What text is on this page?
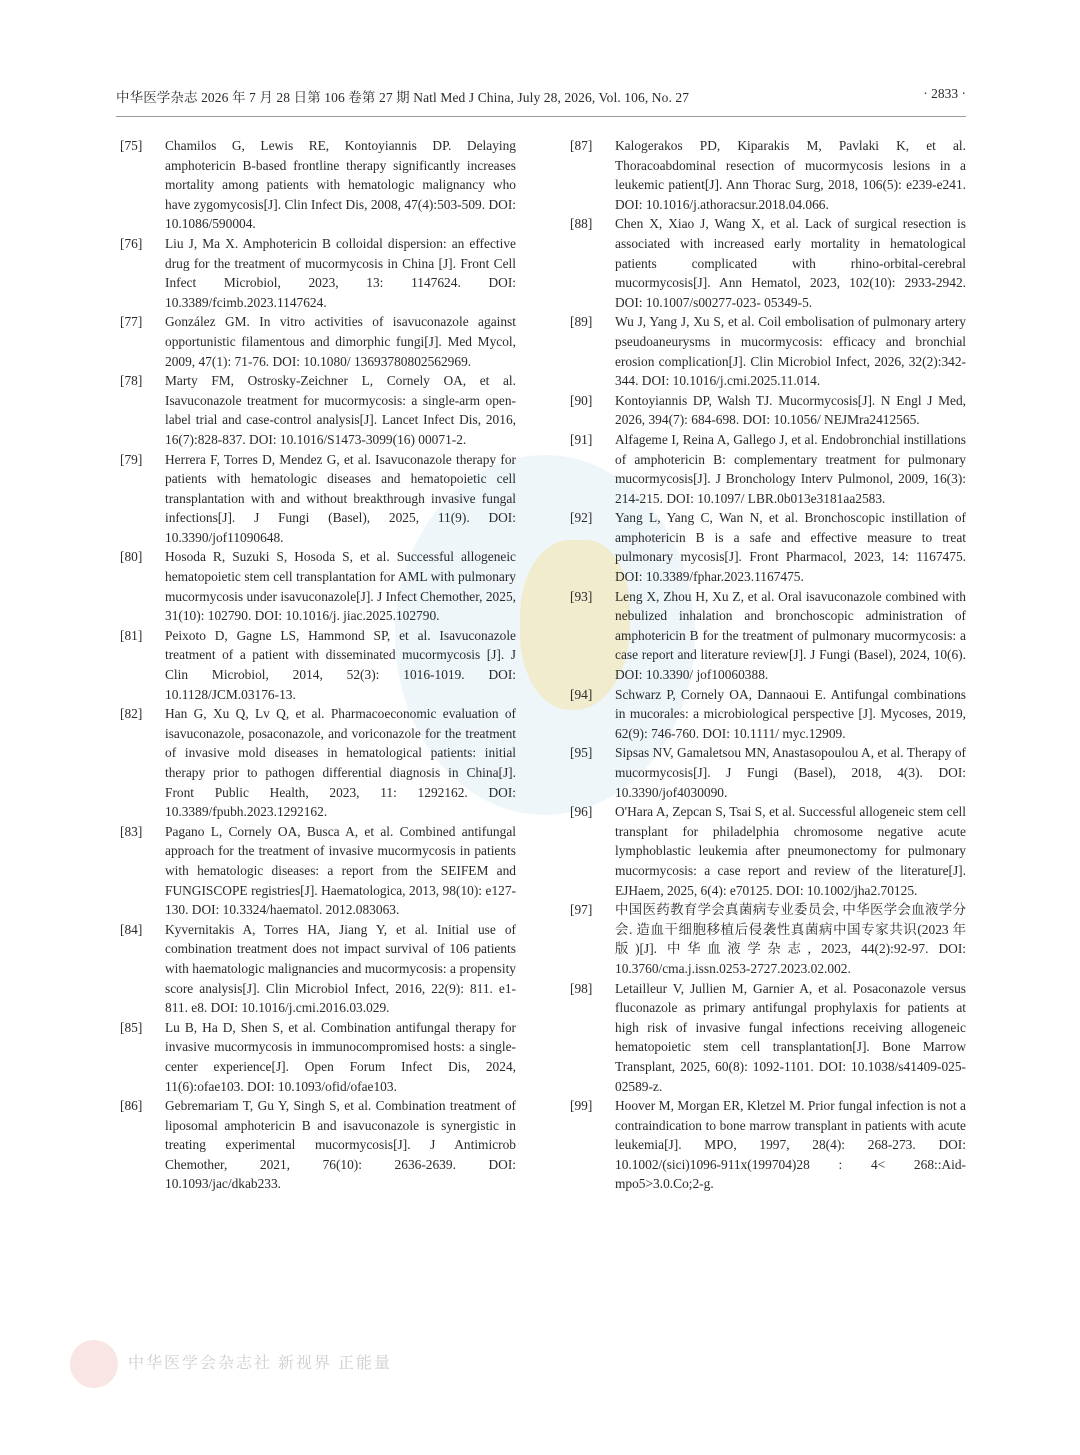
中华医学杂志 2026 年 7 月 28 日第 106 卷第 27 期 Natl Med J China, July 28, 2026, Vol. 106, No. 27	· 2833 ·

[75] Chamilos G, Lewis RE, Kontoyiannis DP. Delaying amphotericin B-based frontline therapy significantly increases mortality among patients with hematologic malignancy who have zygomycosis[J]. Clin Infect Dis, 2008, 47(4):503-509. DOI: 10.1086/590004.

[76] Liu J, Ma X. Amphotericin B colloidal dispersion: an effective drug for the treatment of mucormycosis in China [J]. Front Cell Infect Microbiol, 2023, 13: 1147624. DOI: 10.3389/fcimb.2023.1147624.

[77] González GM. In vitro activities of isavuconazole against opportunistic filamentous and dimorphic fungi[J]. Med Mycol, 2009, 47(1): 71-76. DOI: 10.1080/ 13693780802562969.

[78] Marty FM, Ostrosky-Zeichner L, Cornely OA, et al. Isavuconazole treatment for mucormycosis: a single-arm open-label trial and case-control analysis[J]. Lancet Infect Dis, 2016, 16(7):828-837. DOI: 10.1016/S1473-3099(16) 00071-2.

[79] Herrera F, Torres D, Mendez G, et al. Isavuconazole therapy for patients with hematologic diseases and hematopoietic cell transplantation with and without breakthrough invasive fungal infections[J]. J Fungi (Basel), 2025, 11(9). DOI: 10.3390/jof11090648.

[80] Hosoda R, Suzuki S, Hosoda S, et al. Successful allogeneic hematopoietic stem cell transplantation for AML with pulmonary mucormycosis under isavuconazole[J]. J Infect Chemother, 2025, 31(10): 102790. DOI: 10.1016/j. jiac.2025.102790.

[81] Peixoto D, Gagne LS, Hammond SP, et al. Isavuconazole treatment of a patient with disseminated mucormycosis [J]. J Clin Microbiol, 2014, 52(3): 1016-1019. DOI: 10.1128/JCM.03176-13.

[82] Han G, Xu Q, Lv Q, et al. Pharmacoeconomic evaluation of isavuconazole, posaconazole, and voriconazole for the treatment of invasive mold diseases in hematological patients: initial therapy prior to pathogen differential diagnosis in China[J]. Front Public Health, 2023, 11: 1292162. DOI: 10.3389/fpubh.2023.1292162.

[83] Pagano L, Cornely OA, Busca A, et al. Combined antifungal approach for the treatment of invasive mucormycosis in patients with hematologic diseases: a report from the SEIFEM and FUNGISCOPE registries[J]. Haematologica, 2013, 98(10): e127-130. DOI: 10.3324/haematol. 2012.083063.

[84] Kyvernitakis A, Torres HA, Jiang Y, et al. Initial use of combination treatment does not impact survival of 106 patients with haematologic malignancies and mucormycosis: a propensity score analysis[J]. Clin Microbiol Infect, 2016, 22(9): 811. e1-811. e8. DOI: 10.1016/j.cmi.2016.03.029.

[85] Lu B, Ha D, Shen S, et al. Combination antifungal therapy for invasive mucormycosis in immunocompromised hosts: a single-center experience[J]. Open Forum Infect Dis, 2024, 11(6):ofae103. DOI: 10.1093/ofid/ofae103.

[86] Gebremariam T, Gu Y, Singh S, et al. Combination treatment of liposomal amphotericin B and isavuconazole is synergistic in treating experimental mucormycosis[J]. J Antimicrob Chemother, 2021, 76(10): 2636-2639. DOI: 10.1093/jac/dkab233.

[87] Kalogerakos PD, Kiparakis M, Pavlaki K, et al. Thoracoabdominal resection of mucormycosis lesions in a leukemic patient[J]. Ann Thorac Surg, 2018, 106(5): e239-e241. DOI: 10.1016/j.athoracsur.2018.04.066.

[88] Chen X, Xiao J, Wang X, et al. Lack of surgical resection is associated with increased early mortality in hematological patients complicated with rhino-orbital-cerebral mucormycosis[J]. Ann Hematol, 2023, 102(10): 2933-2942. DOI: 10.1007/s00277-023- 05349-5.

[89] Wu J, Yang J, Xu S, et al. Coil embolisation of pulmonary artery pseudoaneurysms in mucormycosis: efficacy and bronchial erosion complication[J]. Clin Microbiol Infect, 2026, 32(2):342-344. DOI: 10.1016/j.cmi.2025.11.014.

[90] Kontoyiannis DP, Walsh TJ. Mucormycosis[J]. N Engl J Med, 2026, 394(7): 684-698. DOI: 10.1056/ NEJMra2412565.

[91] Alfageme I, Reina A, Gallego J, et al. Endobronchial instillations of amphotericin B: complementary treatment for pulmonary mucormycosis[J]. J Bronchology Interv Pulmonol, 2009, 16(3): 214-215. DOI: 10.1097/ LBR.0b013e3181aa2583.

[92] Yang L, Yang C, Wan N, et al. Bronchoscopic instillation of amphotericin B is a safe and effective measure to treat pulmonary mycosis[J]. Front Pharmacol, 2023, 14: 1167475. DOI: 10.3389/fphar.2023.1167475.

[93] Leng X, Zhou H, Xu Z, et al. Oral isavuconazole combined with nebulized inhalation and bronchoscopic administration of amphotericin B for the treatment of pulmonary mucormycosis: a case report and literature review[J]. J Fungi (Basel), 2024, 10(6). DOI: 10.3390/ jof10060388.

[94] Schwarz P, Cornely OA, Dannaoui E. Antifungal combinations in mucorales: a microbiological perspective [J]. Mycoses, 2019, 62(9): 746-760. DOI: 10.1111/ myc.12909.

[95] Sipsas NV, Gamaletsou MN, Anastasopoulou A, et al. Therapy of mucormycosis[J]. J Fungi (Basel), 2018, 4(3). DOI: 10.3390/jof4030090.

[96] O'Hara A, Zepcan S, Tsai S, et al. Successful allogeneic stem cell transplant for philadelphia chromosome negative acute lymphoblastic leukemia after pneumonectomy for pulmonary mucormycosis: a case report and review of the literature[J]. EJHaem, 2025, 6(4): e70125. DOI: 10.1002/jha2.70125.

[97] 中国医药教育学会真菌病专业委员会, 中华医学会血液学分会. 造血干细胞移植后侵袭性真菌病中国专家共识(2023 年版)[J]. 中华血液学杂志, 2023, 44(2):92-97. DOI: 10.3760/cma.j.issn.0253-2727.2023.02.002.

[98] Letailleur V, Jullien M, Garnier A, et al. Posaconazole versus fluconazole as primary antifungal prophylaxis for patients at high risk of invasive fungal infections receiving allogeneic hematopoietic stem cell transplantation[J]. Bone Marrow Transplant, 2025, 60(8): 1092-1101. DOI: 10.1038/s41409-025-02589-z.

[99] Hoover M, Morgan ER, Kletzel M. Prior fungal infection is not a contraindication to bone marrow transplant in patients with acute leukemia[J]. MPO, 1997, 28(4): 268-273. DOI: 10.1002/(sici)1096-911x(199704)28 : 4< 268::Aid-mpo5>3.0.Co;2-g.

中华医学会杂志社 新视界 正能量
